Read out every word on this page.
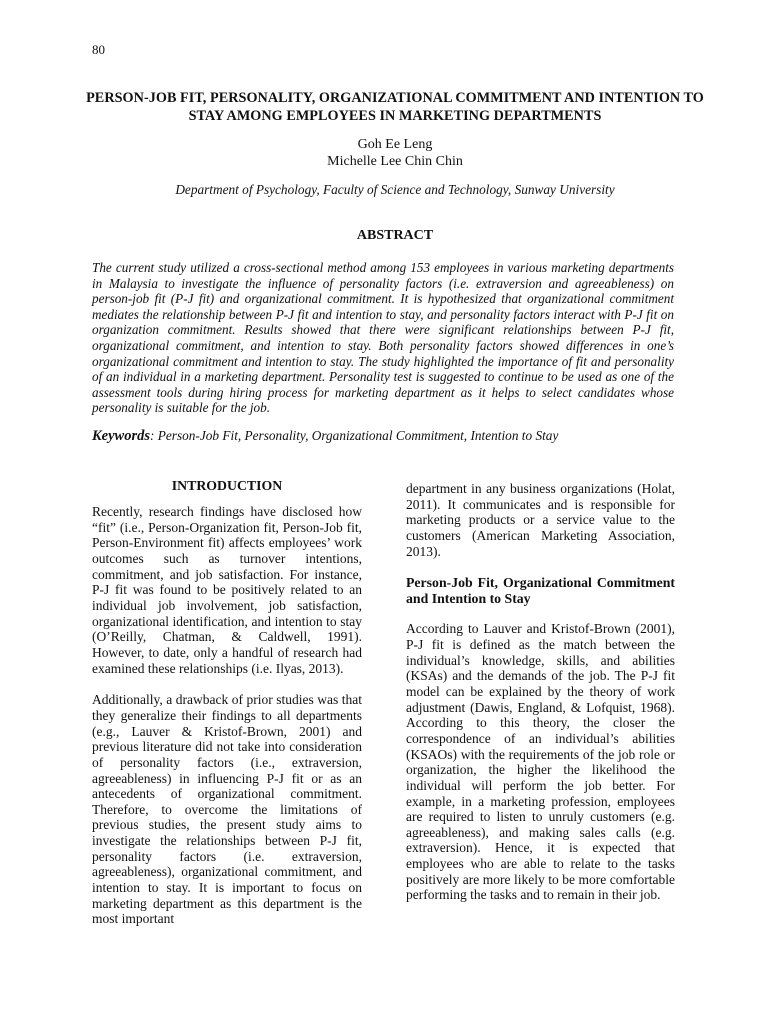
80
PERSON-JOB FIT, PERSONALITY, ORGANIZATIONAL COMMITMENT AND INTENTION TO STAY AMONG EMPLOYEES IN MARKETING DEPARTMENTS
Goh Ee Leng
Michelle Lee Chin Chin
Department of Psychology, Faculty of Science and Technology, Sunway University
ABSTRACT

The current study utilized a cross-sectional method among 153 employees in various marketing departments in Malaysia to investigate the influence of personality factors (i.e. extraversion and agreeableness) on person-job fit (P-J fit) and organizational commitment. It is hypothesized that organizational commitment mediates the relationship between P-J fit and intention to stay, and personality factors interact with P-J fit on organization commitment. Results showed that there were significant relationships between P-J fit, organizational commitment, and intention to stay. Both personality factors showed differences in one’s organizational commitment and intention to stay. The study highlighted the importance of fit and personality of an individual in a marketing department. Personality test is suggested to continue to be used as one of the assessment tools during hiring process for marketing department as it helps to select candidates whose personality is suitable for the job.

Keywords: Person-Job Fit, Personality, Organizational Commitment, Intention to Stay

INTRODUCTION

Recently, research findings have disclosed how “fit” (i.e., Person-Organization fit, Person-Job fit, Person-Environment fit) affects employees’ work outcomes such as turnover intentions, commitment, and job satisfaction. For instance, P-J fit was found to be positively related to an individual job involvement, job satisfaction, organizational identification, and intention to stay (O’Reilly, Chatman, & Caldwell, 1991). However, to date, only a handful of research had examined these relationships (i.e. Ilyas, 2013).

Additionally, a drawback of prior studies was that they generalize their findings to all departments (e.g., Lauver & Kristof-Brown, 2001) and previous literature did not take into consideration of personality factors (i.e., extraversion, agreeableness) in influencing P-J fit or as an antecedents of organizational commitment. Therefore, to overcome the limitations of previous studies, the present study aims to investigate the relationships between P-J fit, personality factors (i.e. extraversion, agreeableness), organizational commitment, and intention to stay. It is important to focus on marketing department as this department is the most important

department in any business organizations (Holat, 2011). It communicates and is responsible for marketing products or a service value to the customers (American Marketing Association, 2013).

Person-Job Fit, Organizational Commitment and Intention to Stay

According to Lauver and Kristof-Brown (2001), P-J fit is defined as the match between the individual’s knowledge, skills, and abilities (KSAs) and the demands of the job. The P-J fit model can be explained by the theory of work adjustment (Dawis, England, & Lofquist, 1968). According to this theory, the closer the correspondence of an individual’s abilities (KSAOs) with the requirements of the job role or organization, the higher the likelihood the individual will perform the job better. For example, in a marketing profession, employees are required to listen to unruly customers (e.g. agreeableness), and making sales calls (e.g. extraversion). Hence, it is expected that employees who are able to relate to the tasks positively are more likely to be more comfortable performing the tasks and to remain in their job.
